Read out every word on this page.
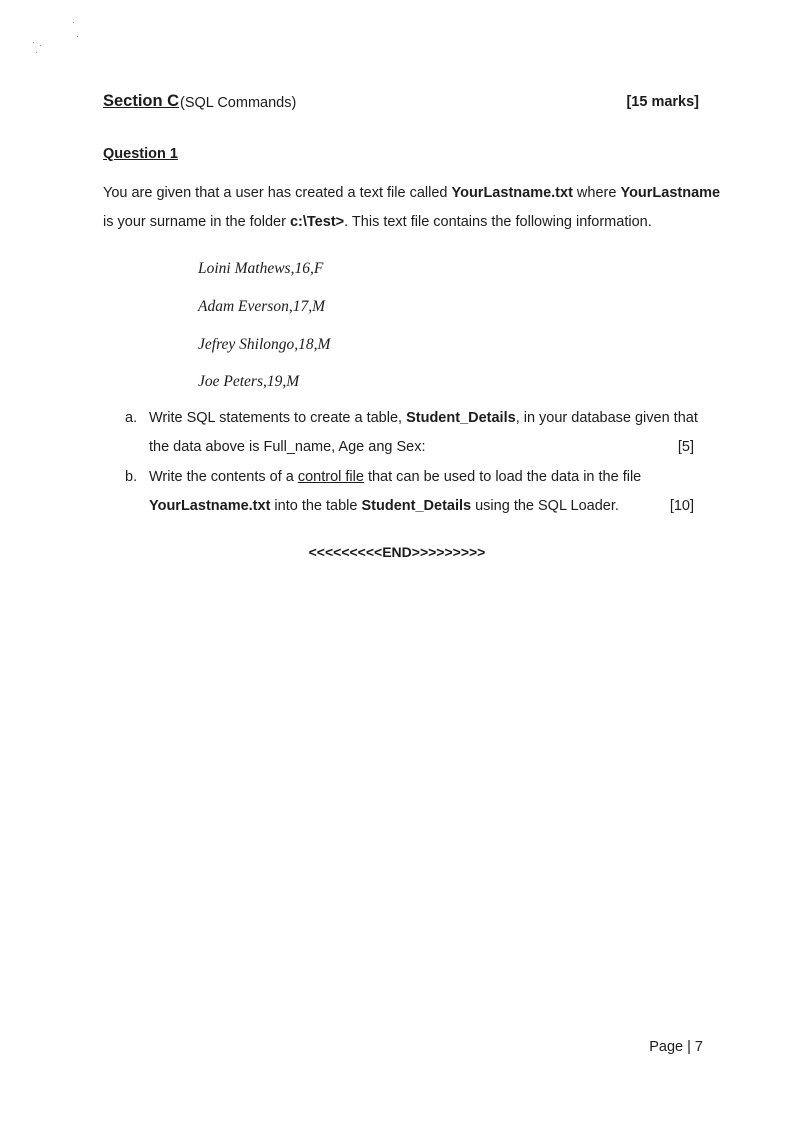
Section C (SQL Commands)	[15 marks]
Question 1
You are given that a user has created a text file called YourLastname.txt where YourLastname
is your surname in the folder c:\Test>. This text file contains the following information.
Loini Mathews,16,F
Adam Everson,17,M
Jefrey Shilongo,18,M
Joe Peters,19,M
a. Write SQL statements to create a table, Student_Details, in your database given that
the data above is Full_name, Age ang Sex:	[5]
b. Write the contents of a control file that can be used to load the data in the file
YourLastname.txt into the table Student_Details using the SQL Loader.	[10]
<<<<<<<<<END>>>>>>>>>
Page | 7
